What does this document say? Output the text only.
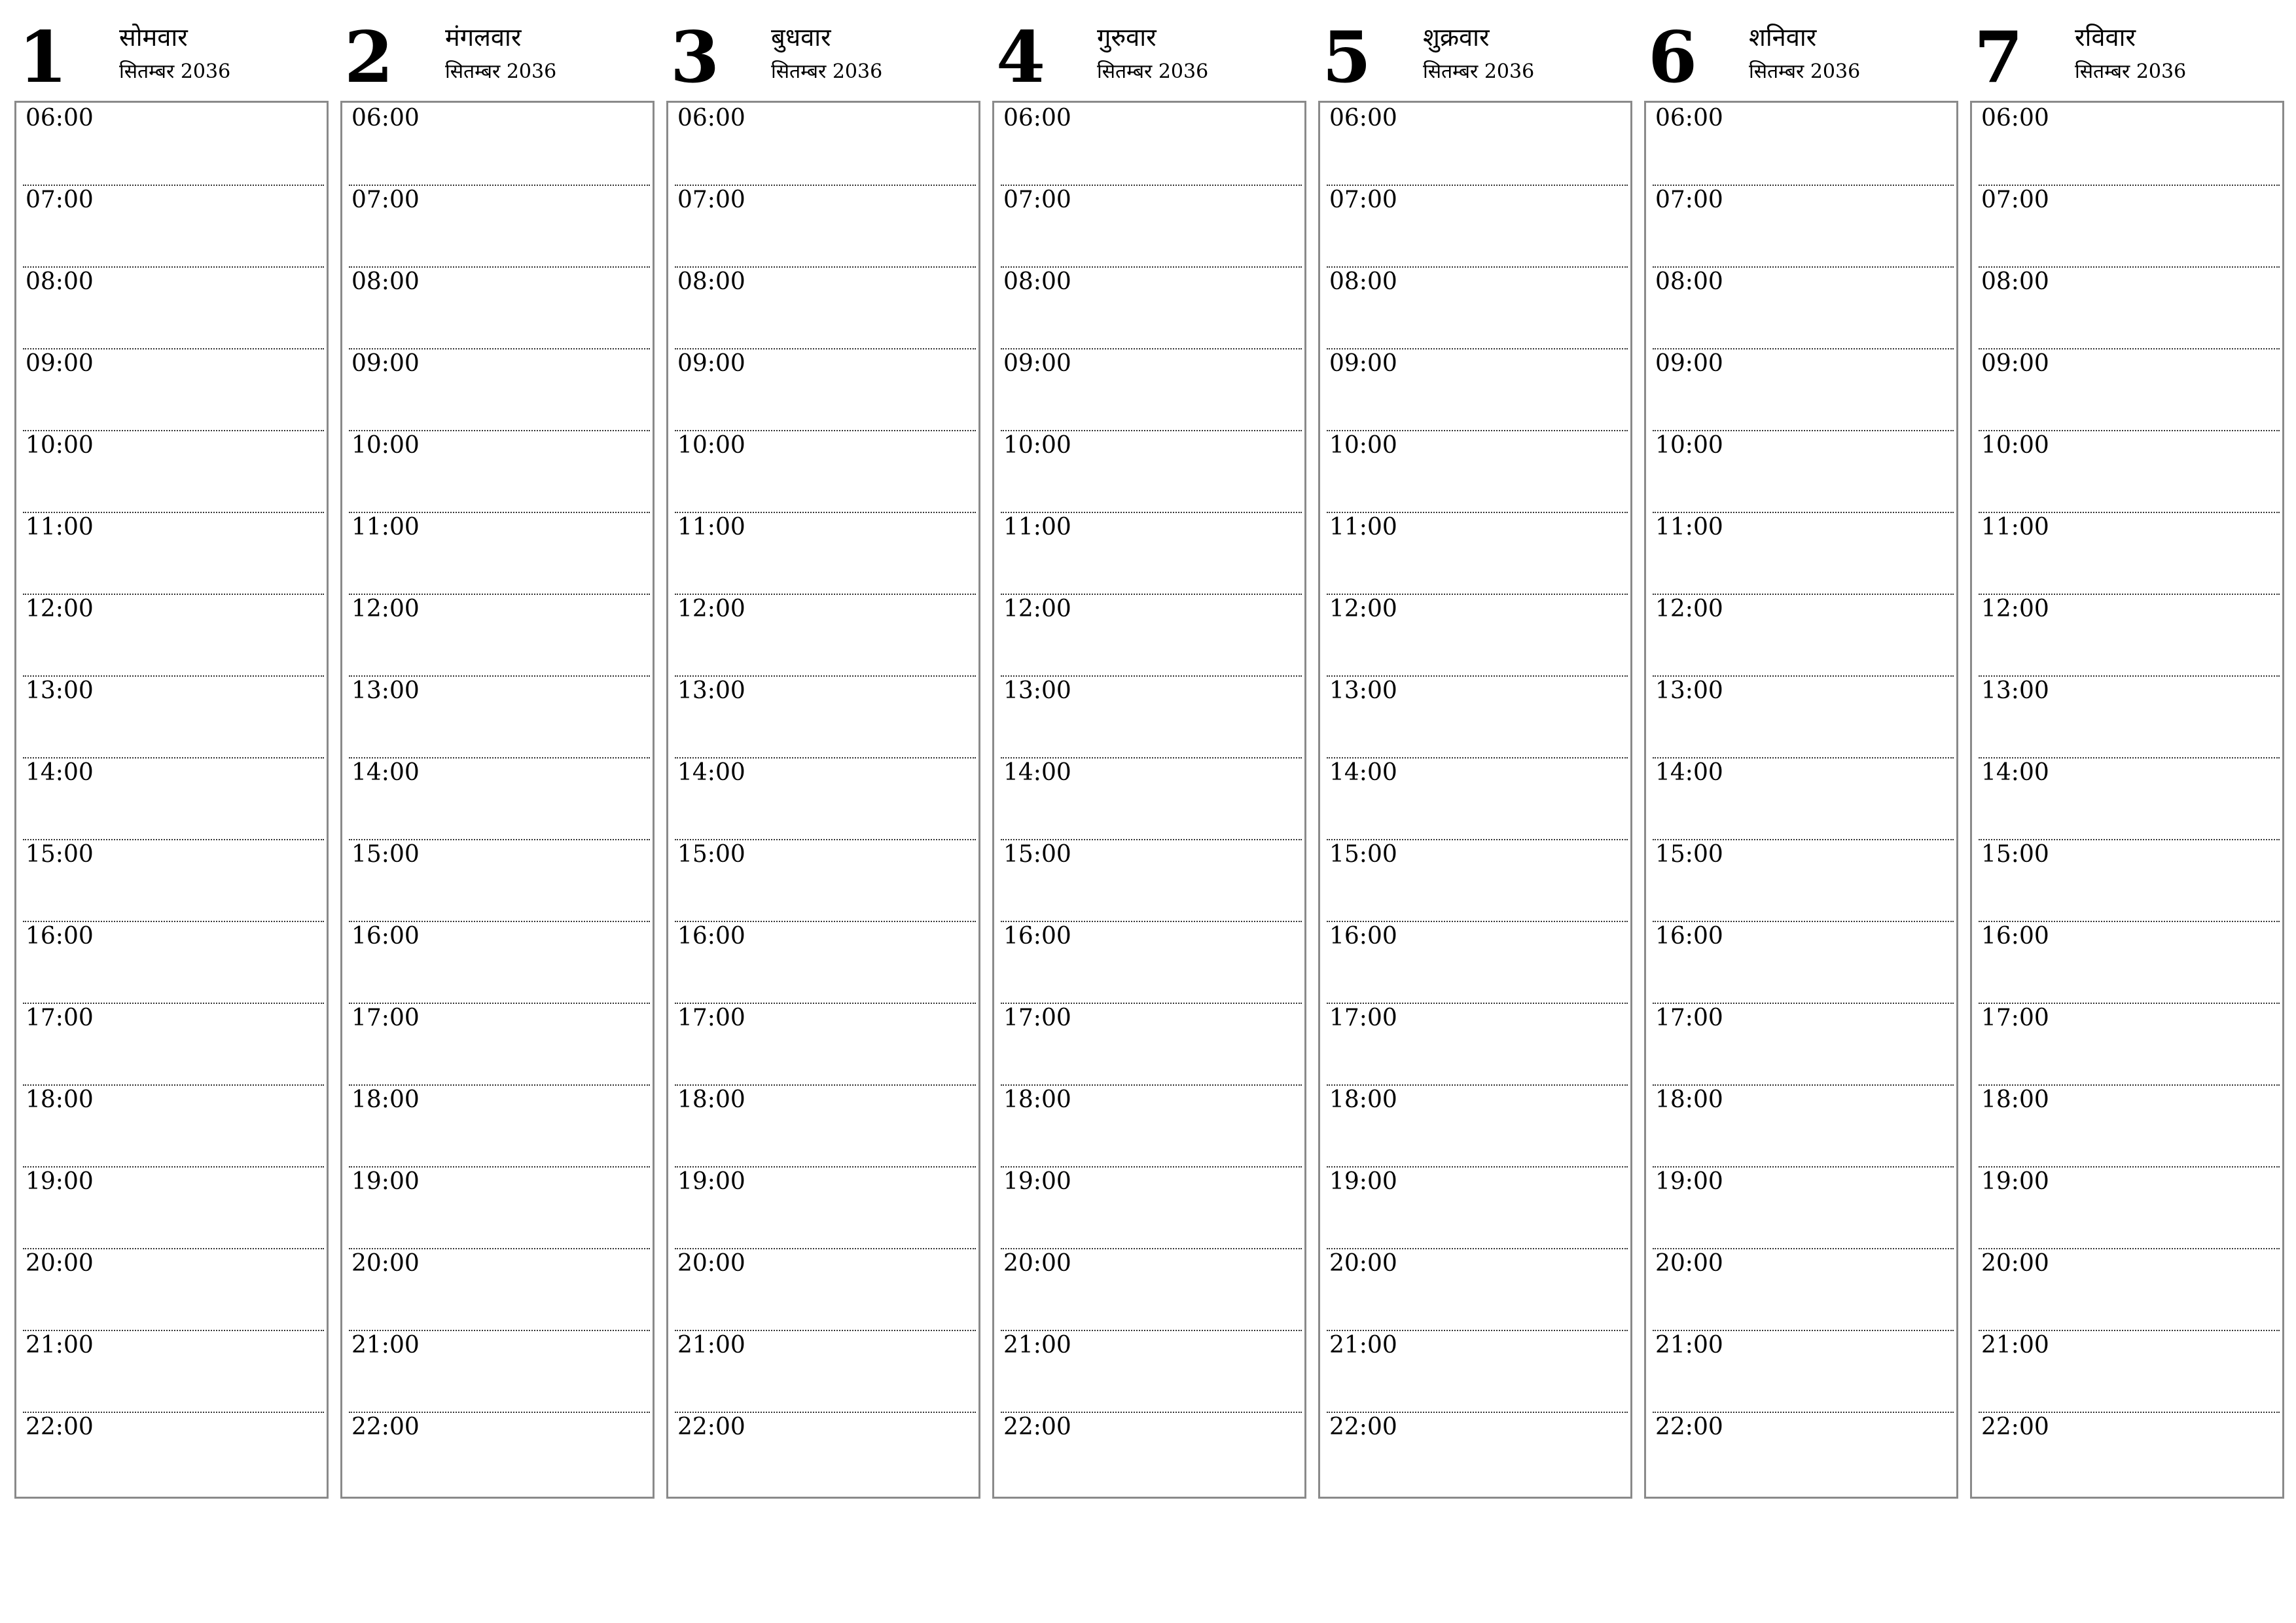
1 सोमवार
सितम्बर 2036
06:00
07:00
08:00
09:00
10:00
11:00
12:00
13:00
14:00
15:00
16:00
17:00
18:00
19:00
20:00
21:00
22:00
2 मंगलवार
सितम्बर 2036
06:00
07:00
08:00
09:00
10:00
11:00
12:00
13:00
14:00
15:00
16:00
17:00
18:00
19:00
20:00
21:00
22:00
3 बुधवार
सितम्बर 2036
06:00
07:00
08:00
09:00
10:00
11:00
12:00
13:00
14:00
15:00
16:00
17:00
18:00
19:00
20:00
21:00
22:00
4 गुरुवार
सितम्बर 2036
06:00
07:00
08:00
09:00
10:00
11:00
12:00
13:00
14:00
15:00
16:00
17:00
18:00
19:00
20:00
21:00
22:00
5 शुक्रवार
सितम्बर 2036
06:00
07:00
08:00
09:00
10:00
11:00
12:00
13:00
14:00
15:00
16:00
17:00
18:00
19:00
20:00
21:00
22:00
6 शनिवार
सितम्बर 2036
06:00
07:00
08:00
09:00
10:00
11:00
12:00
13:00
14:00
15:00
16:00
17:00
18:00
19:00
20:00
21:00
22:00
7 रविवार
सितम्बर 2036
06:00
07:00
08:00
09:00
10:00
11:00
12:00
13:00
14:00
15:00
16:00
17:00
18:00
19:00
20:00
21:00
22:00
